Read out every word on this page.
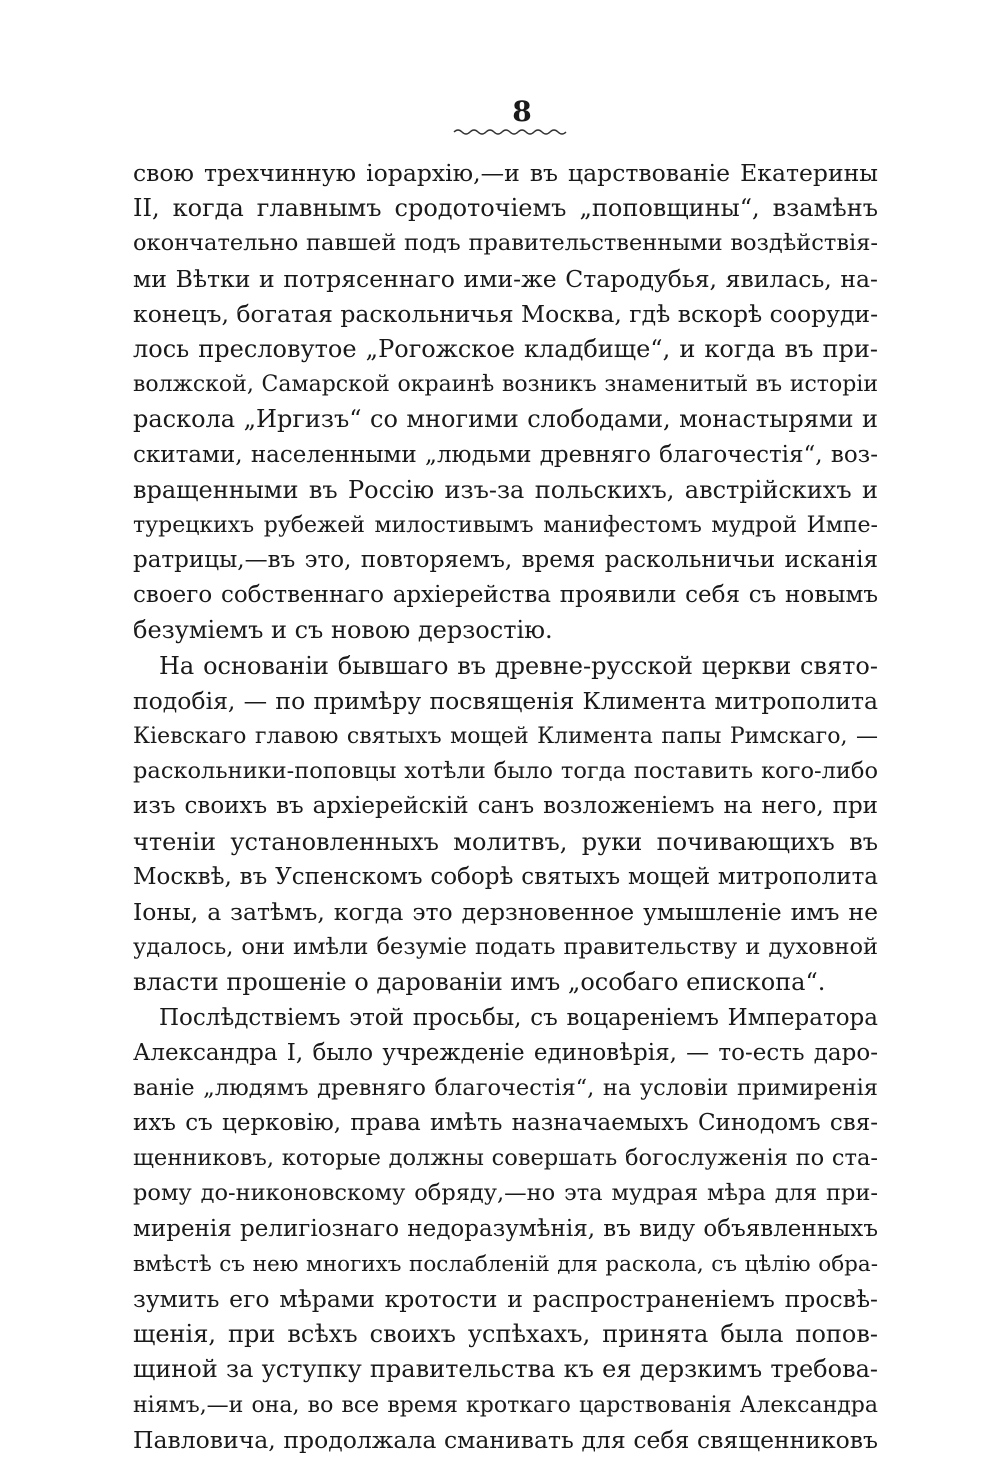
8
свою трехчинную іорархію,—и въ царствованіе Екатерины
II, когда главнымъ сродоточіемъ „поповщины“, взамѣнъ
окончательно павшей подъ правительственными воздѣйствія-
ми Вѣтки и потрясеннаго ими-же Стародубья, явилась, на-
конецъ, богатая раскольничья Москва, гдѣ вскорѣ сооруди-
лось пресловутое „Рогожское кладбище“, и когда въ при-
волжской, Самарской окраинѣ возникъ знаменитый въ исторіи
раскола „Иргизъ“ со многими слободами, монастырями и
скитами, населенными „людьми древняго благочестія“, воз-
вращенными въ Россію изъ-за польскихъ, австрійскихъ и
турецкихъ рубежей милостивымъ манифестомъ мудрой Импе-
ратрицы,—въ это, повторяемъ, время раскольничьи исканія
своего собственнаго архіерейства проявили себя съ новымъ
безуміемъ и съ новою дерзостію.
На основаніи бывшаго въ древне-русской церкви свято-
подобія, — по примѣру посвященія Климента митрополита
Кіевскаго главою святыхъ мощей Климента папы Римскаго, —
раскольники-поповцы хотѣли было тогда поставить кого-либо
изъ своихъ въ архіерейскій санъ возложеніемъ на него, при
чтеніи установленныхъ молитвъ, руки почивающихъ въ
Москвѣ, въ Успенскомъ соборѣ святыхъ мощей митрополита
Іоны, а затѣмъ, когда это дерзновенное умышленіе имъ не
удалось, они имѣли безуміе подать правительству и духовной
власти прошеніе о дарованіи имъ „особаго епископа“.
Послѣдствіемъ этой просьбы, съ воцареніемъ Императора
Александра I, было учрежденіе единовѣрія, — то-есть даро-
ваніе „людямъ древняго благочестія“, на условіи примиренія
ихъ съ церковію, права имѣть назначаемыхъ Синодомъ свя-
щенниковъ, которые должны совершать богослуженія по ста-
рому до-никоновскому обряду,—но эта мудрая мѣра для при-
миренія религіознаго недоразумѣнія, въ виду объявленныхъ
вмѣстѣ съ нею многихъ послабленій для раскола, съ цѣлію обра-
зумить его мѣрами кротости и распространеніемъ просвѣ-
щенія, при всѣхъ своихъ успѣхахъ, принята была попов-
щиной за уступку правительства къ ея дерзкимъ требова-
ніямъ,—и она, во все время кроткаго царствованія Александра
Павловича, продолжала сманивать для себя священниковъ
